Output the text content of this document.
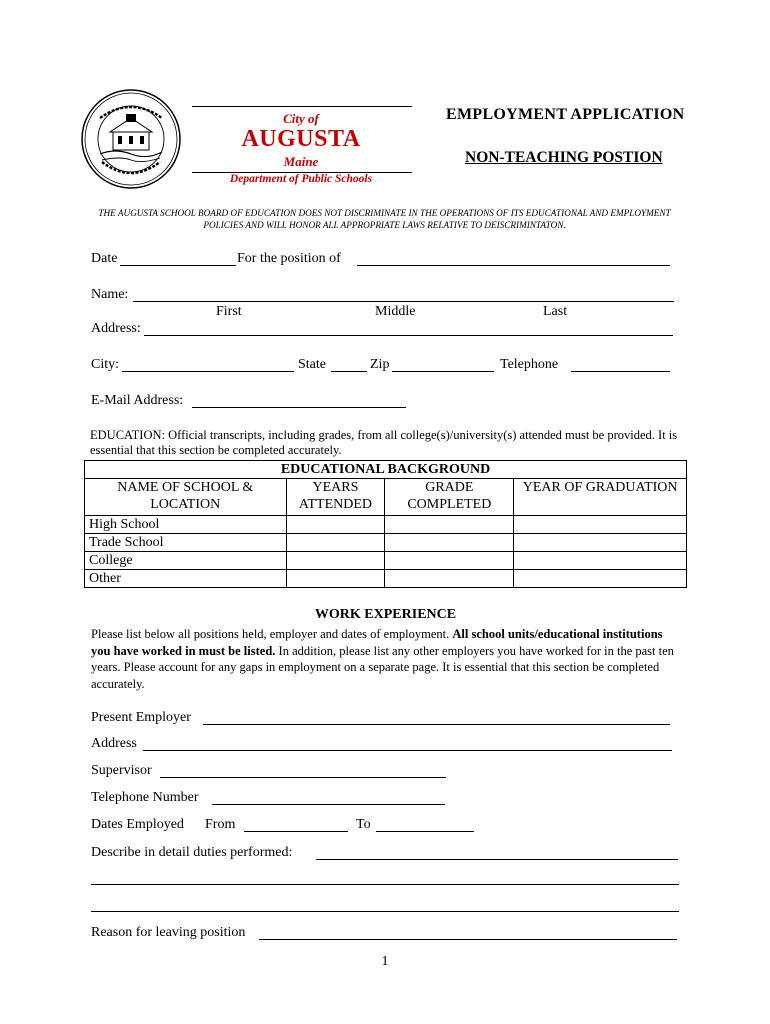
City of
AUGUSTA
Maine
Department of Public Schools
EMPLOYMENT APPLICATION
NON-TEACHING POSTION
THE AUGUSTA SCHOOL BOARD OF EDUCATION DOES NOT DISCRIMINATE IN THE OPERATIONS OF ITS EDUCATIONAL AND EMPLOYMENT POLICIES AND WILL HONOR ALL APPROPRIATE LAWS RELATIVE TO DEISCRIMINTATON.
Date	For the position of
Name:
First	Middle	Last
Address:
City:	State	Zip	Telephone
E-Mail Address:
EDUCATION: Official transcripts, including grades, from all college(s)/university(s) attended must be provided. It is essential that this section be completed accurately.
EDUCATIONAL BACKGROUND			
NAME OF SCHOOL & LOCATION	YEARS ATTENDED	GRADE COMPLETED	YEAR OF GRADUATION
High School			
Trade School			
College			
Other			
WORK EXPERIENCE
Please list below all positions held, employer and dates of employment. All school units/educational institutions you have worked in must be listed. In addition, please list any other employers you have worked for in the past ten years. Please account for any gaps in employment on a separate page. It is essential that this section be completed accurately.
Present Employer
Address
Supervisor
Telephone Number
Dates Employed From	To
Describe in detail duties performed:
Reason for leaving position
1
